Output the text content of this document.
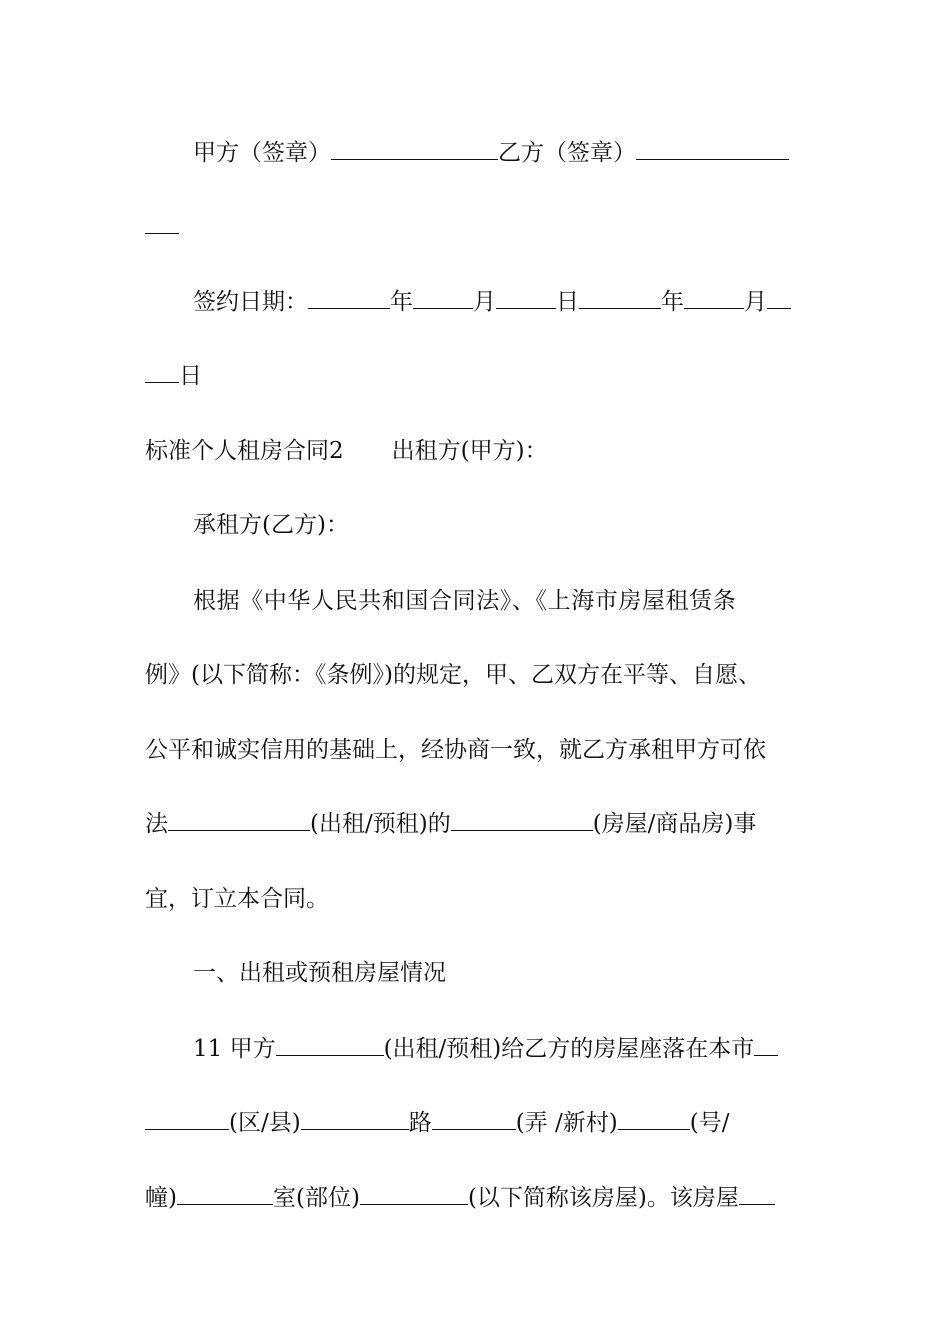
甲方（签章）	乙方（签章）
签约日期：	年	月	日	年	月
日
标准个人租房合同2 出租方(甲方)：
承租方(乙方)：
根据《中华人民共和国合同法》、《上海市房屋租赁条
例》(以下简称：《条例》)的规定，甲、乙双方在平等、自愿、
公平和诚实信用的基础上，经协商一致，就乙方承租甲方可依
法	(出租/预租)的	(房屋/商品房)事
宜，订立本合同。
一、出租或预租房屋情况
11 甲方	(出租/预租)给乙方的房屋座落在本市
(区/县)	路	(弄 /新村)	(号/
幢)	室(部位)	(以下简称该房屋)。该房屋
